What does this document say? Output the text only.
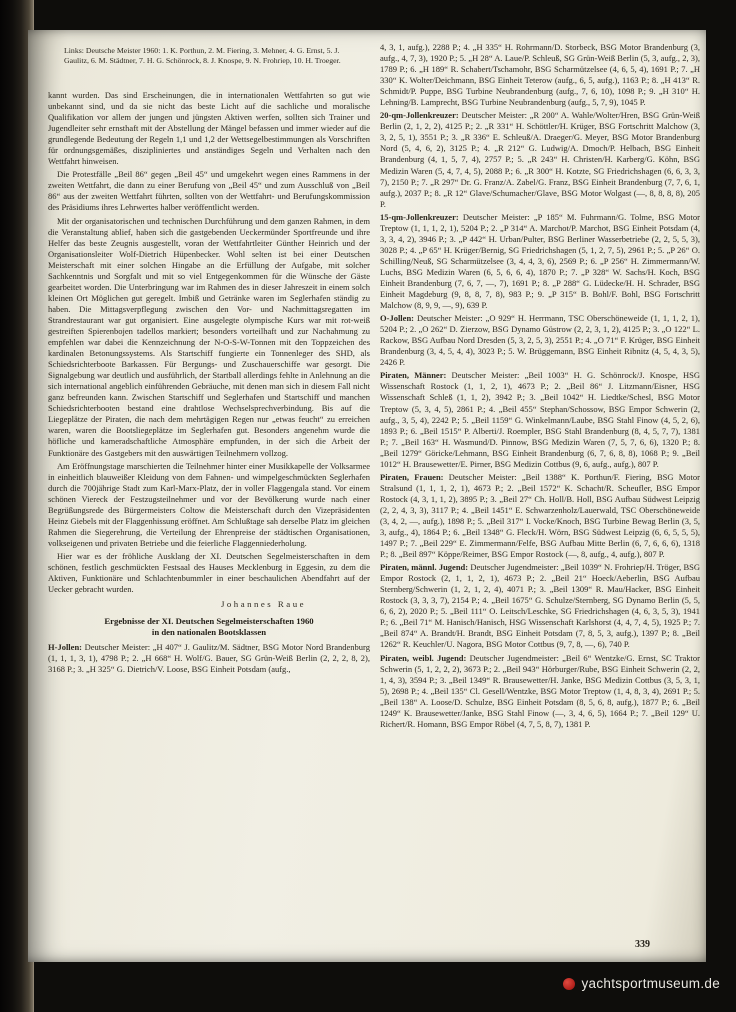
Links: Deutsche Meister 1960: 1. K. Porthun, 2. M. Fiering, 3. Mehner, 4. G. Ernst, 5. J. Gaulitz, 6. M. Städtner, 7. H. G. Schönrock, 8. J. Knospe, 9. N. Frohriep, 10. H. Troeger.

kannt wurden. Das sind Erscheinungen, die in internationalen Wettfahrten so gut wie unbekannt sind, und da sie nicht das beste Licht auf die sachliche und moralische Qualifikation vor allem der jungen und jüngsten Aktiven werfen, sollten sich Trainer und Jugendleiter sehr ernsthaft mit der Abstellung der Mängel befassen und immer wieder auf die grundlegende Bedeutung der Regeln 1,1 und 1,2 der Wettsegelbestimmungen als Vorschriften für ordnungsgemäßes, diszipliniertes und anständiges Segeln und Verhalten nach den Wettfahrt hinweisen.

Die Protestfälle „Beil 86“ gegen „Beil 45“ und umgekehrt wegen eines Rammens in der zweiten Wettfahrt, die dann zu einer Berufung von „Beil 45“ und zum Ausschluß von „Beil 86“ aus der zweiten Wettfahrt führten, sollten von der Wettfahrt- und Berufungskommission des Präsidiums ihres Lehrwertes halber veröffentlicht werden.

Mit der organisatorischen und technischen Durchführung und dem ganzen Rahmen, in dem die Veranstaltung ablief, haben sich die gastgebenden Ueckermünder Sportfreunde und ihre Helfer das beste Zeugnis ausgestellt, voran der Wettfahrtleiter Günther Heinrich und der Organisationsleiter Wolf-Dietrich Hüpenbecker. Wohl selten ist bei einer Deutschen Meisterschaft mit einer solchen Hingabe an die Erfüllung der Aufgabe, mit solcher Sachkenntnis und Sorgfalt und mit so viel Entgegenkommen für die Wünsche der Gäste gearbeitet worden. Die Unterbringung war im Rahmen des in dieser Jahreszeit in einem solch kleinen Ort Möglichen gut geregelt. Imbiß und Getränke waren im Seglerhafen ständig zu haben. Die Mittagsverpflegung zwischen den Vor- und Nachmittagsregatten im Strandrestaurant war gut organisiert. Eine ausgelegte olympische Kurs war mit rot-weiß gestreiften Spierenbojen tadellos markiert; besonders vorteilhaft und zur Nachahmung zu empfehlen war dabei die Kennzeichnung der N-O-S-W-Tonnen mit den Toppzeichen des kardinalen Betonungssystems. Als Startschiff fungierte ein Tonnenleger des SHD, als Schiedsrichterboote Barkassen. Für Bergungs- und Zuschauerschiffe war gesorgt. Die Signalgebung war deutlich und ausführlich, der Startball allerdings fehlte in Anlehnung an die sich international angeblich einführenden Gebräuche, mit denen man sich in diesem Fall nicht ganz befreunden kann. Zwischen Startschiff und Seglerhafen und Startschiff und manchen Schiedsrichterbooten bestand eine drahtlose Wechselsprechverbindung. Bis auf die Liegeplätze der Piraten, die nach dem mehrtägigen Regen nur „etwas feucht“ zu erreichen waren, waren die Bootsliegeplätze im Seglerhafen gut. Besonders angenehm wurde die höfliche und kameradschaftliche Atmosphäre empfunden, in der sich die Arbeit der Funktionäre des Gastgebers mit den auswärtigen Teilnehmern vollzog.

Am Eröffnungstage marschierten die Teilnehmer hinter einer Musikkapelle der Volksarmee in einheitlich blauweißer Kleidung von dem Fahnen- und wimpelgeschmückten Seglerhafen durch die 700jährige Stadt zum Karl-Marx-Platz, der in voller Flaggengala stand. Vor einem schönen Viereck der Festzugsteilnehmer und vor der Bevölkerung wurde nach einer Begrüßungsrede des Bürgermeisters Coltow die Meisterschaft durch den Vizepräsidenten Heinz Giebels mit der Flaggenhissung eröffnet. Am Schlußtage sah derselbe Platz im gleichen Rahmen die Siegerehrung, die Verteilung der Ehrenpreise der städtischen Organisationen, volkseigenen und privaten Betriebe und die feierliche Flaggenniederholung.

Hier war es der fröhliche Ausklang der XI. Deutschen Segelmeisterschaften in dem schönen, festlich geschmückten Festsaal des Hauses Mecklenburg in Eggesin, zu dem die Aktiven, Funktionäre und Schlachtenbummler in einer beschaulichen Abendfahrt auf der Uecker gebracht wurden.

Johannes Raue
Ergebnisse der XI. Deutschen Segelmeisterschaften 1960
in den nationalen Bootsklassen

H-Jollen: Deutscher Meister: „H 407“ J. Gaulitz/M. Sädtner, BSG Motor Nord Brandenburg (1, 1, 1, 3, 1), 4798 P.; 2. „H 668“ H. Wolf/G. Bauer, SG Grün-Weiß Berlin (2, 2, 2, 8, 2), 3168 P.; 3. „H 325“ G. Dietrich/V. Loose, BSG Einheit Potsdam (aufg.,

4, 3, 1, aufg.), 2288 P.; 4. „H 335“ H. Rohrmann/D. Storbeck, BSG Motor Brandenburg (3, aufg., 4, 7, 3), 1920 P.; 5. „H 28“ A. Laue/P. Schleuß, SG Grün-Weiß Berlin (5, 3, aufg., 2, 3), 1789 P.; 6. „H 189“ R. Schabert/Tschamohr, BSG Scharmützelsee (4, 6, 5, 4), 1691 P.; 7. „H 330“ K. Wolter/Deichmann, BSG Einheit Teterow (aufg., 6, 5, aufg.), 1163 P.; 8. „H 413“ R. Schmidt/P. Puppe, BSG Turbine Neubrandenburg (aufg., 7, 6, 10), 1098 P.; 9. „H 310“ H. Lehning/B. Lamprecht, BSG Turbine Neubrandenburg (aufg., 5, 7, 9), 1045 P.

20-qm-Jollenkreuzer: Deutscher Meister: „R 200“ A. Wahle/Wolter/Hren, BSG Grün-Weiß Berlin (2, 1, 2, 2), 4125 P.; 2. „R 331“ H. Schöttler/H. Krüger, BSG Fortschritt Malchow (3, 3, 2, 5, 1), 3551 P.; 3. „R 336“ E. Schleuß/A. Draeger/G. Meyer, BSG Motor Brandenburg Nord (5, 4, 6, 2), 3125 P.; 4. „R 212“ G. Ludwig/A. Dmoch/P. Helbach, BSG Einheit Brandenburg (4, 1, 5, 7, 4), 2757 P.; 5. „R 243“ H. Christen/H. Karberg/G. Köhn, BSG Medizin Waren (5, 4, 7, 4, 5), 2088 P.; 6. „R 300“ H. Kotzte, SG Friedrichshagen (6, 6, 3, 3, 7), 2150 P.; 7. „R 297“ Dr. G. Franz/A. Zabel/G. Franz, BSG Einheit Brandenburg (7, 7, 6, 1, aufg.), 2037 P.; 8. „R 12“ Glave/Schumacher/Glave, BSG Motor Wolgast (—, 8, 8, 8, 8), 205 P.

15-qm-Jollenkreuzer: Deutscher Meister: „P 185“ M. Fuhrmann/G. Tolme, BSG Motor Treptow (1, 1, 1, 2, 1), 5204 P.; 2. „P 314“ A. Marchot/P. Marchot, BSG Einheit Potsdam (4, 3, 3, 4, 2), 3946 P.; 3. „P 442“ H. Urban/Pulter, BSG Berliner Wasserbetriebe (2, 2, 5, 5, 3), 3028 P.; 4. „P 65“ H. Krüger/Bernig, SG Friedrichshagen (5, 1, 2, 7, 5), 2961 P.; 5. „P 26“ O. Schilling/Neuß, SG Scharmützelsee (3, 4, 4, 3, 6), 2569 P.; 6. „P 256“ H. Zimmermann/W. Luchs, BSG Medizin Waren (6, 5, 6, 6, 4), 1870 P.; 7. „P 328“ W. Sachs/H. Koch, BSG Einheit Brandenburg (7, 6, 7, —, 7), 1691 P.; 8. „P 288“ G. Lüdecke/H. H. Schrader, BSG Einheit Magdeburg (9, 8, 8, 7, 8), 983 P.; 9. „P 315“ B. Bohl/F. Bohl, BSG Fortschritt Malchow (8, 9, 9, —, 9), 639 P.

O-Jollen: Deutscher Meister: „O 929“ H. Herrmann, TSC Oberschöneweide (1, 1, 1, 2, 1), 5204 P.; 2. „O 262“ D. Zierzow, BSG Dynamo Güstrow (2, 2, 3, 1, 2), 4125 P.; 3. „O 122“ L. Rackow, BSG Aufbau Nord Dresden (5, 3, 2, 5, 3), 2551 P.; 4. „O 71“ F. Krüger, BSG Einheit Brandenburg (3, 4, 5, 4, 4), 3023 P.; 5. W. Brüggemann, BSG Einheit Ribnitz (4, 5, 4, 3, 5), 2426 P.

Piraten, Männer: Deutscher Meister: „Beil 1003“ H. G. Schönrock/J. Knospe, HSG Wissenschaft Rostock (1, 1, 2, 1), 4673 P.; 2. „Beil 86“ J. Litzmann/Eisner, HSG Wissenschaft Schleß (1, 1, 2), 3942 P.; 3. „Beil 1042“ H. Liedtke/Schesl, BSG Motor Treptow (5, 3, 4, 5), 2861 P.; 4. „Beil 455“ Stephan/Schossow, BSG Empor Schwerin (2, aufg., 3, 5, 4), 2242 P.; 5. „Beil 1159“ G. Winkelmann/Laube, BSG Stahl Finow (4, 5, 2, 6), 1893 P.; 6. „Beil 1515“ P. Alberti/J. Roempler, BSG Stahl Brandenburg (8, 4, 5, 7, 7), 1381 P.; 7. „Beil 163“ H. Wasmund/D. Pinnow, BSG Medizin Waren (7, 5, 7, 6, 6), 1320 P.; 8. „Beil 1279“ Göricke/Lehmann, BSG Einheit Brandenburg (6, 7, 6, 8, 8), 1068 P.; 9. „Beil 1012“ H. Brausewetter/E. Pirner, BSG Medizin Cottbus (9, 6, aufg., aufg.), 807 P.

Piraten, Frauen: Deutscher Meister: „Beil 1388“ K. Porthun/F. Fiering, BSG Motor Stralsund (1, 1, 1, 2, 1), 4673 P.; 2. „Beil 1572“ K. Schacht/R. Scheufler, BSG Empor Rostock (4, 3, 1, 1, 2), 3895 P.; 3. „Beil 27“ Ch. Holl/B. Holl, BSG Aufbau Südwest Leipzig (2, 2, 4, 3, 3), 3117 P.; 4. „Beil 1451“ E. Schwarzenholz/Lauerwald, TSC Oberschöneweide (3, 4, 2, —, aufg.), 1898 P.; 5. „Beil 317“ I. Vocke/Knoch, BSG Turbine Bewag Berlin (3, 5, 3, aufg., 4), 1864 P.; 6. „Beil 1348“ G. Fleck/H. Wörn, BSG Südwest Leipzig (6, 6, 5, 5, 5), 1497 P.; 7. „Beil 229“ E. Zimmermann/Felfe, BSG Aufbau Mitte Berlin (6, 7, 6, 6, 6), 1318 P.; 8. „Beil 897“ Köppe/Reimer, BSG Empor Rostock (—, 8, aufg., 4, aufg.), 807 P.

Piraten, männl. Jugend: Deutscher Jugendmeister: „Beil 1039“ N. Frohriep/H. Tröger, BSG Empor Rostock (2, 1, 1, 2, 1), 4673 P.; 2. „Beil 21“ Hoeck/Aeberlin, BSG Aufbau Sternberg/Schwerin (1, 2, 1, 2, 4), 4071 P.; 3. „Beil 1309“ R. Mau/Hacker, BSG Einheit Rostock (3, 3, 3, 7), 2154 P.; 4. „Beil 1675“ G. Schulze/Sternberg, SG Dynamo Berlin (5, 5, 6, 6, 2), 2020 P.; 5. „Beil 111“ O. Leitsch/Leschke, SG Friedrichshagen (4, 6, 3, 5, 3), 1941 P.; 6. „Beil 71“ M. Hanisch/Hanisch, HSG Wissenschaft Karlshorst (4, 4, 7, 4, 5), 1925 P.; 7. „Beil 874“ A. Brandt/H. Brandt, BSG Einheit Potsdam (7, 8, 5, 3, aufg.), 1397 P.; 8. „Beil 1262“ R. Keuchler/U. Nagora, BSG Motor Cottbus (9, 7, 8, —, 6), 740 P.

Piraten, weibl. Jugend: Deutscher Jugendmeister: „Beil 6“ Wentzke/G. Ernst, SC Traktor Schwerin (5, 1, 2, 2, 2), 3673 P.; 2. „Beil 943“ Hörburger/Rube, BSG Einheit Schwerin (2, 2, 1, 4, 3), 3594 P.; 3. „Beil 1349“ R. Brausewetter/H. Janke, BSG Medizin Cottbus (3, 5, 3, 1, 5), 2698 P.; 4. „Beil 135“ Cl. Gesell/Wentzke, BSG Motor Treptow (1, 4, 8, 3, 4), 2691 P.; 5. „Beil 138“ A. Loose/D. Schulze, BSG Einheit Potsdam (8, 5, 6, 8, aufg.), 1877 P.; 6. „Beil 1249“ K. Brausewetter/Janke, BSG Stahl Finow (—, 3, 4, 6, 5), 1664 P.; 7. „Beil 129“ U. Richert/R. Homann, BSG Empor Röbel (4, 7, 5, 8, 7), 1381 P.

339
yachtsportmuseum.de
